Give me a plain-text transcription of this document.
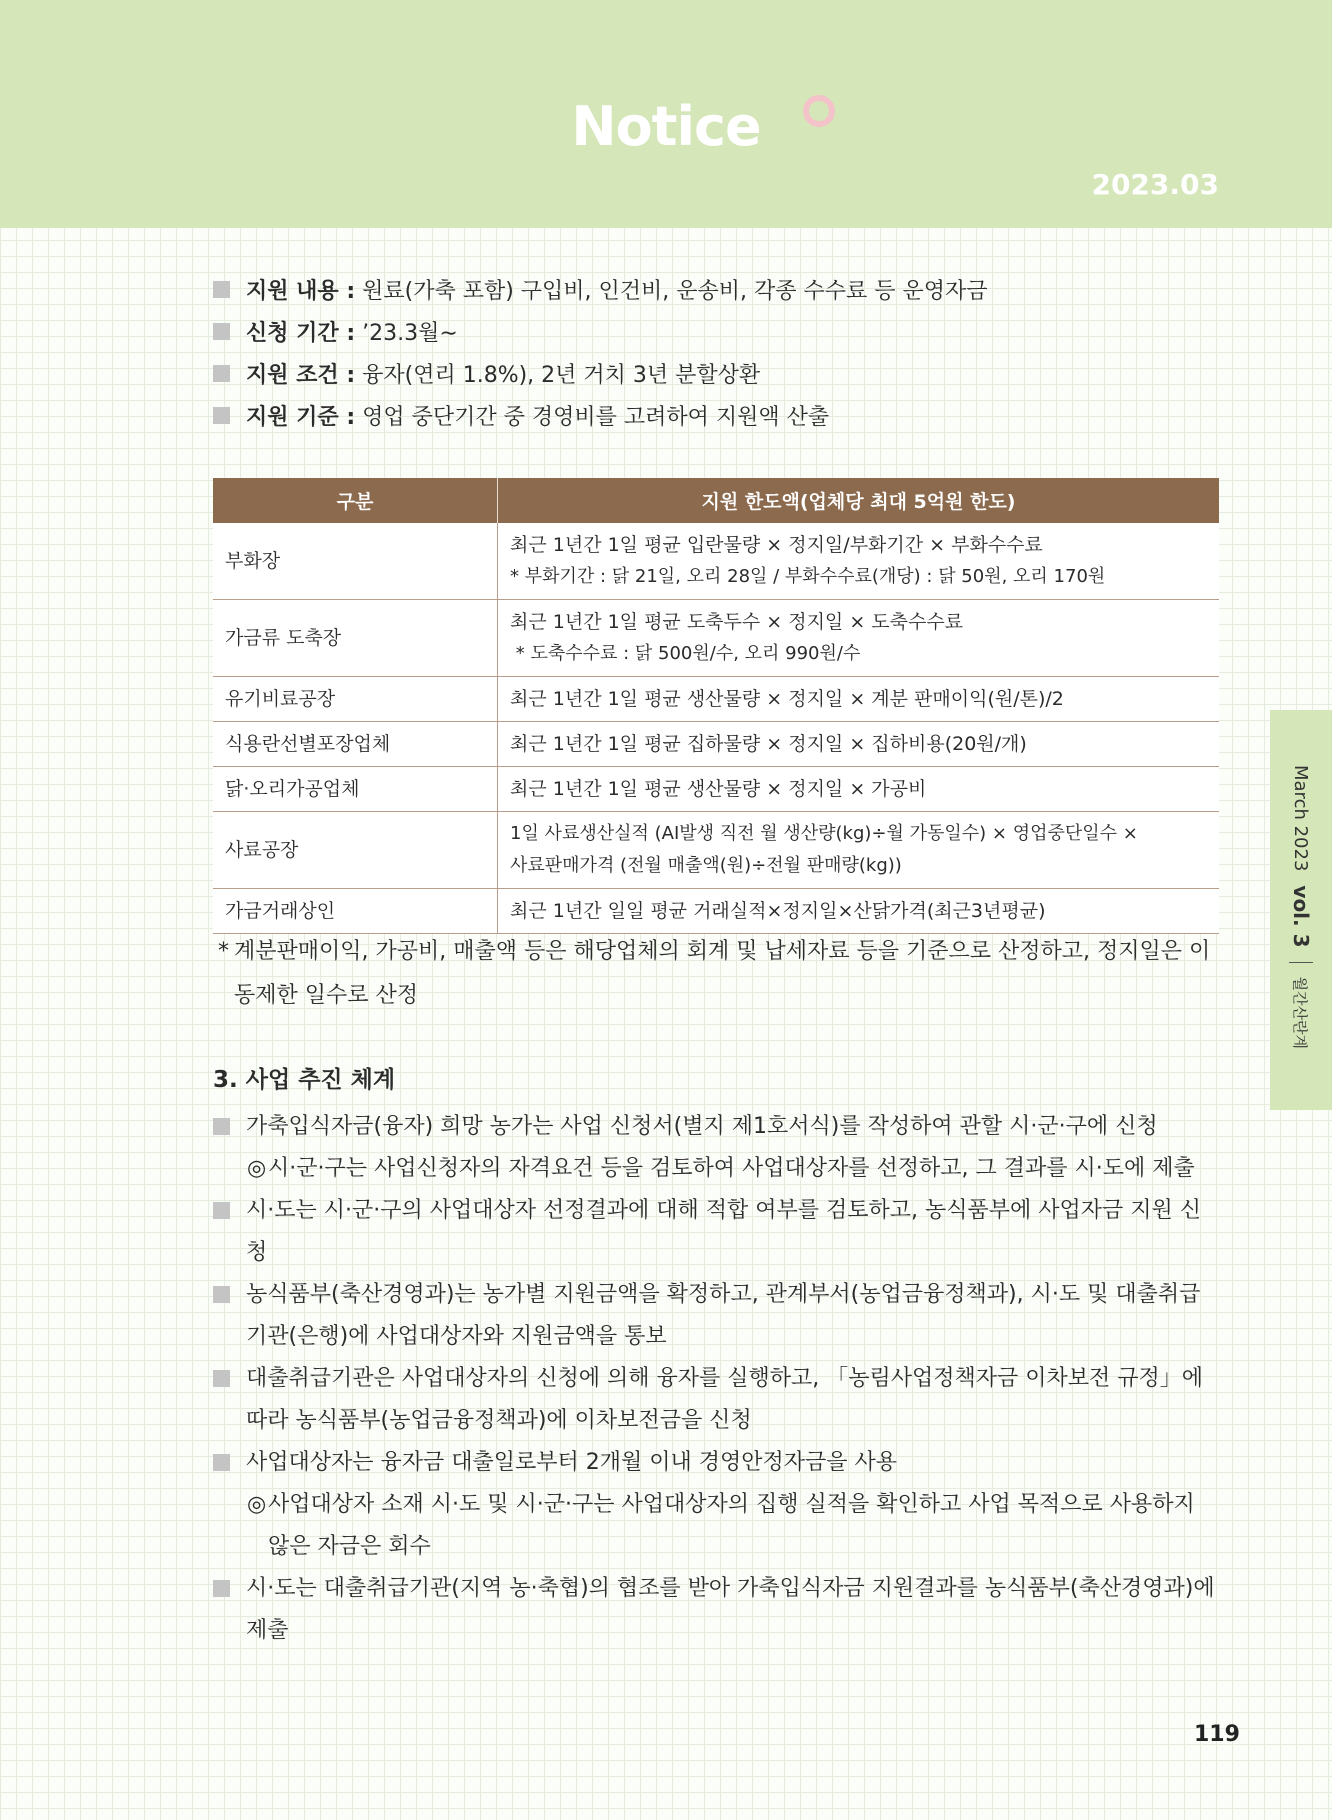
Notice
2023.03
지원 내용 : 원료(가축 포함) 구입비, 인건비, 운송비, 각종 수수료 등 운영자금
신청 기간 : ’23.3월∼
지원 조건 : 융자(연리 1.8%), 2년 거치 3년 분할상환
지원 기준 : 영업 중단기간 중 경영비를 고려하여 지원액 산출
구분	지원 한도액(업체당 최대 5억원 한도)
부화장	최근 1년간 1일 평균 입란물량 × 정지일/부화기간 × 부화수수료
* 부화기간 : 닭 21일, 오리 28일 / 부화수수료(개당) : 닭 50원, 오리 170원

가금류 도축장	최근 1년간 1일 평균 도축두수 × 정지일 × 도축수수료
* 도축수수료 : 닭 500원/수, 오리 990원/수

유기비료공장	최근 1년간 1일 평균 생산물량 × 정지일 × 계분 판매이익(원/톤)/2

식용란선별포장업체	최근 1년간 1일 평균 집하물량 × 정지일 × 집하비용(20원/개)

닭·오리가공업체	최근 1년간 1일 평균 생산물량 × 정지일 × 가공비

사료공장	1일 사료생산실적 (AI발생 직전 월 생산량(kg)÷월 가동일수) × 영업중단일수 ×
사료판매가격 (전월 매출액(원)÷전월 판매량(kg))

가금거래상인	최근 1년간 일일 평균 거래실적×정지일×산닭가격(최근3년평균)
* 계분판매이익, 가공비, 매출액 등은 해당업체의 회계 및 납세자료 등을 기준으로 산정하고, 정지일은 이동제한 일수로 산정
3. 사업 추진 체계
가축입식자금(융자) 희망 농가는 사업 신청서(별지 제1호서식)를 작성하여 관할 시·군·구에 신청
◎ 시·군·구는 사업신청자의 자격요건 등을 검토하여 사업대상자를 선정하고, 그 결과를 시·도에 제출
시·도는 시·군·구의 사업대상자 선정결과에 대해 적합 여부를 검토하고, 농식품부에 사업자금 지원 신청
농식품부(축산경영과)는 농가별 지원금액을 확정하고, 관계부서(농업금융정책과), 시·도 및 대출취급기관(은행)에 사업대상자와 지원금액을 통보
대출취급기관은 사업대상자의 신청에 의해 융자를 실행하고, 「농림사업정책자금 이차보전 규정」에 따라 농식품부(농업금융정책과)에 이차보전금을 신청
사업대상자는 융자금 대출일로부터 2개월 이내 경영안정자금을 사용
◎ 사업대상자 소재 시·도 및 시·군·구는 사업대상자의 집행 실적을 확인하고 사업 목적으로 사용하지 않은 자금은 회수
시·도는 대출취급기관(지역 농·축협)의 협조를 받아 가축입식자금 지원결과를 농식품부(축산경영과)에 제출
March 2023
vol. 3
월간산란계
119
